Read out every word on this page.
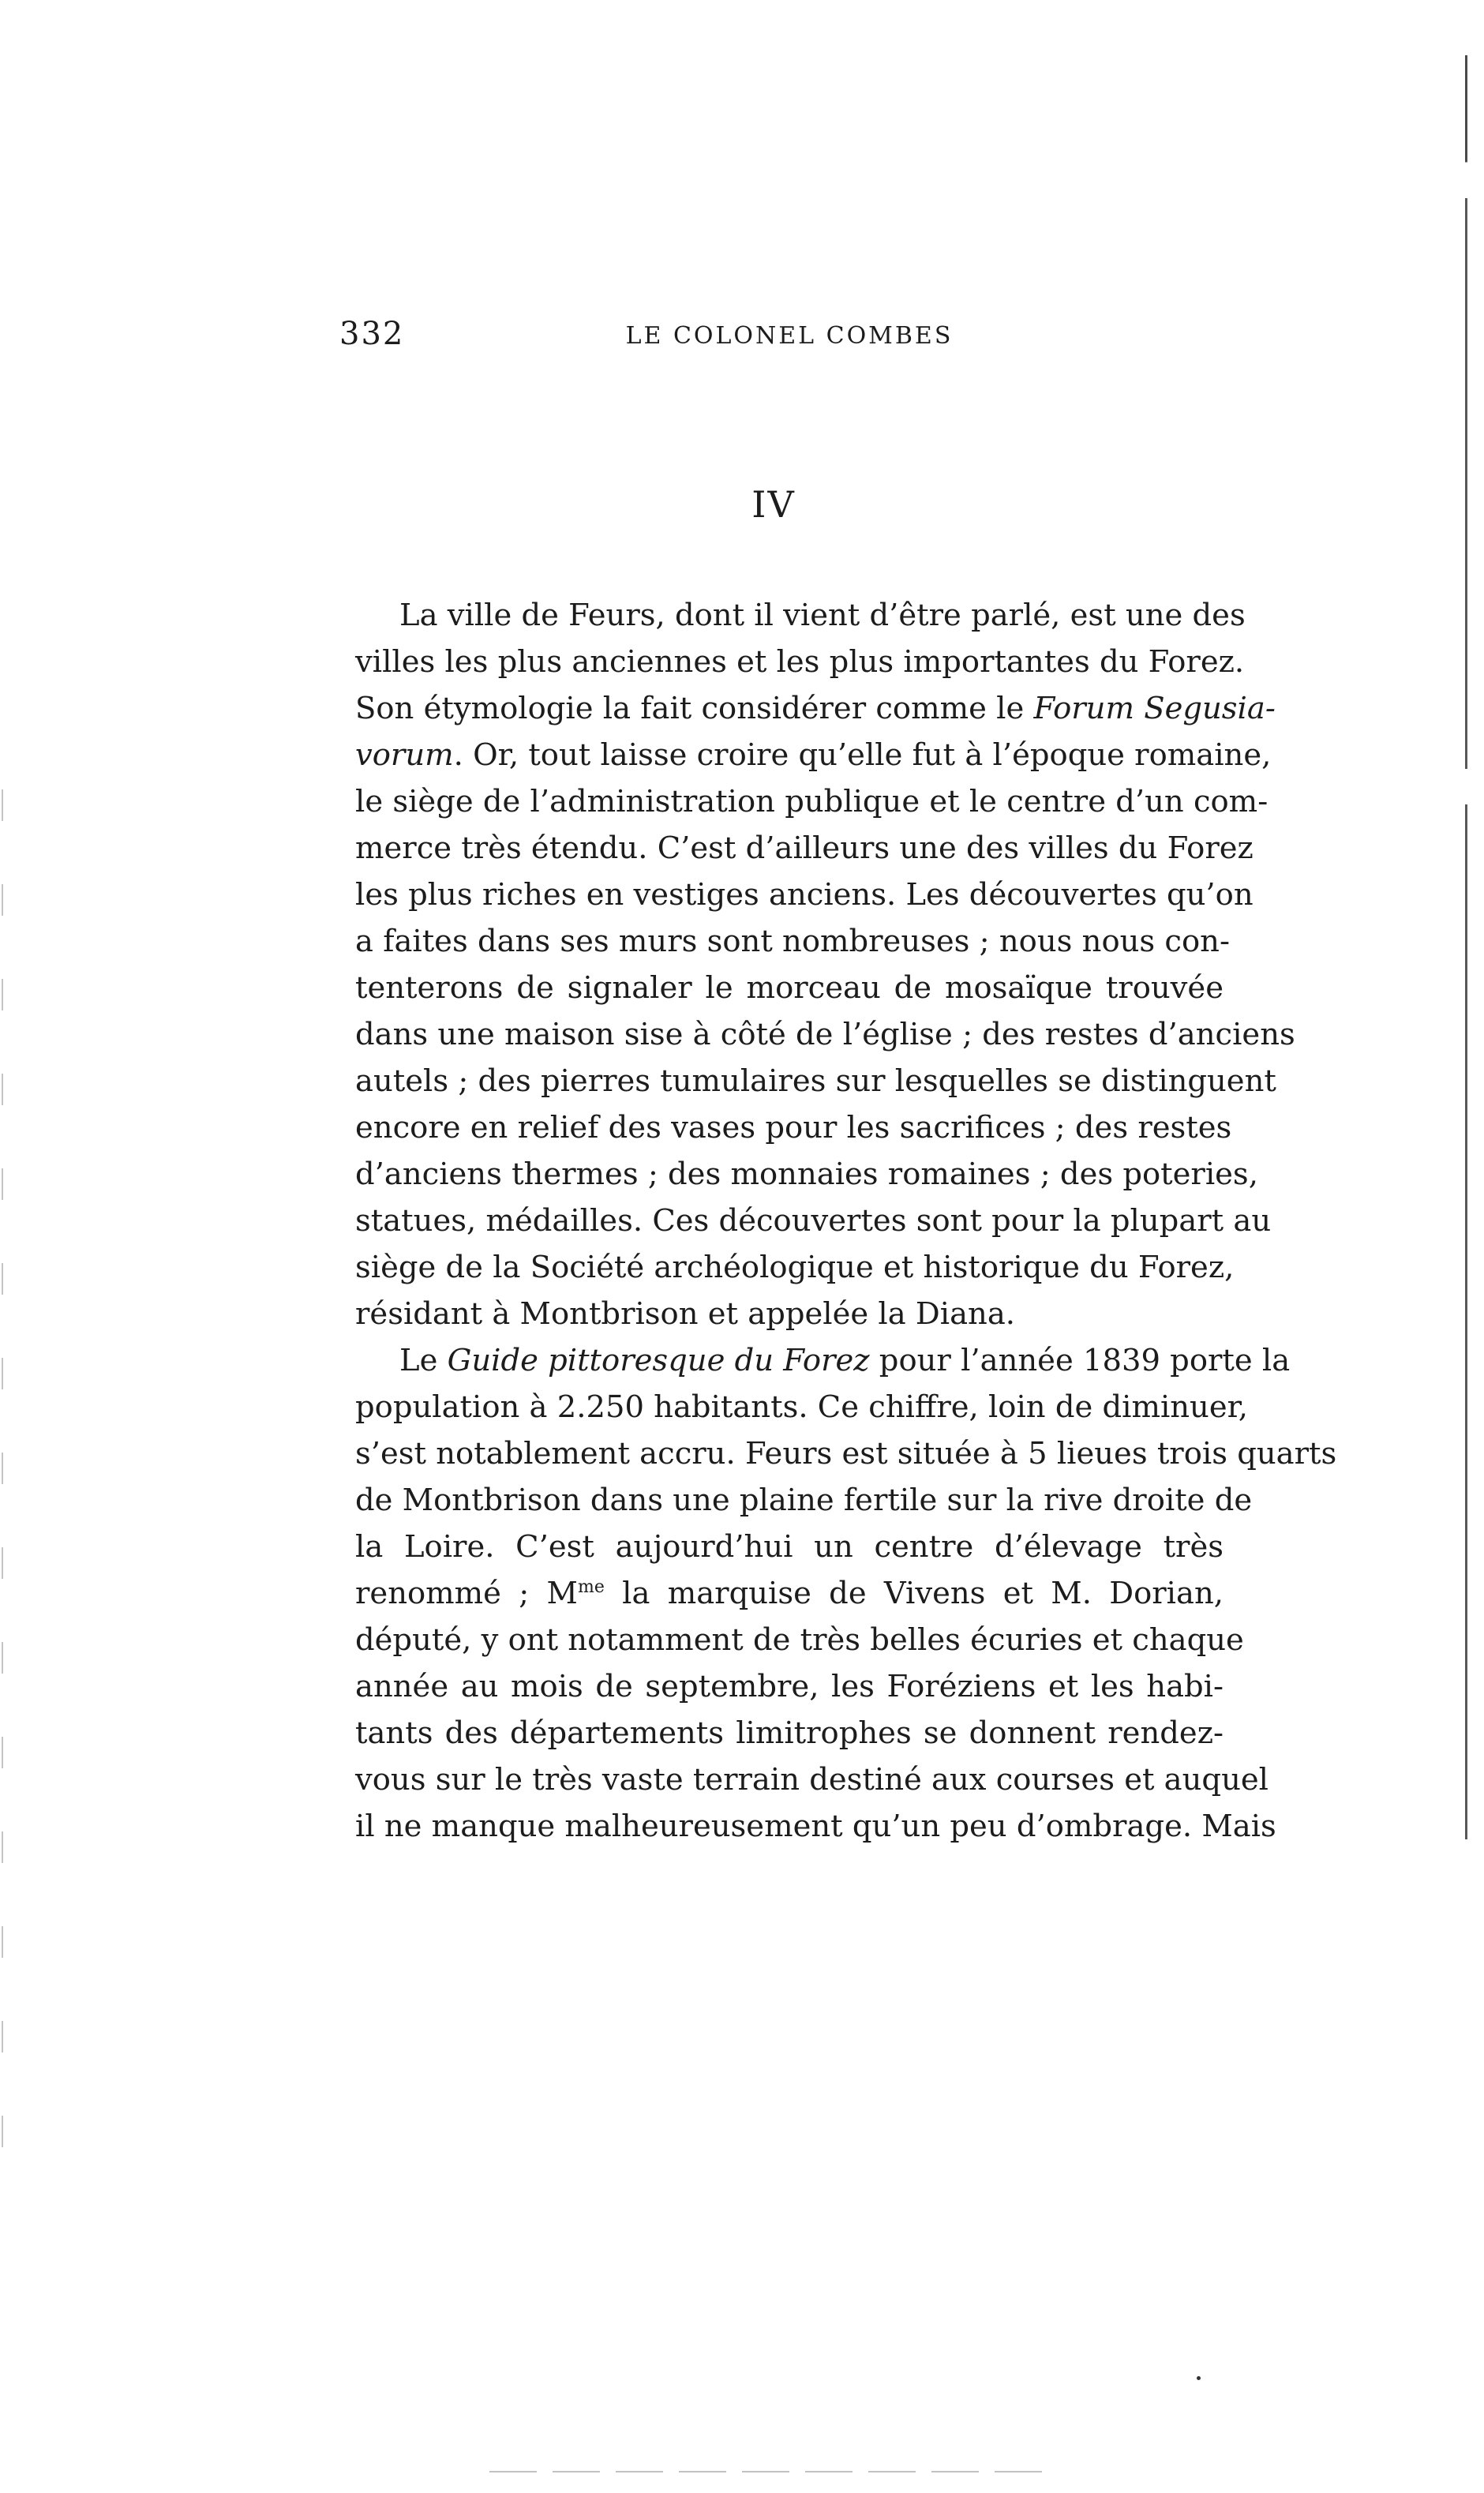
332	LE COLONEL COMBES
IV
La ville de Feurs, dont il vient d’être parlé, est une des
villes les plus anciennes et les plus importantes du Forez.
Son étymologie la fait considérer comme le Forum Segusia-
vorum. Or, tout laisse croire qu’elle fut à l’époque romaine,
le siège de l’administration publique et le centre d’un com-
merce très étendu. C’est d’ailleurs une des villes du Forez
les plus riches en vestiges anciens. Les découvertes qu’on
a faites dans ses murs sont nombreuses ; nous nous con-
tenterons de signaler le morceau de mosaïque trouvée
dans une maison sise à côté de l’église ; des restes d’anciens
autels ; des pierres tumulaires sur lesquelles se distinguent
encore en relief des vases pour les sacrifices ; des restes
d’anciens thermes ; des monnaies romaines ; des poteries,
statues, médailles. Ces découvertes sont pour la plupart au
siège de la Société archéologique et historique du Forez,
résidant à Montbrison et appelée la Diana.
Le Guide pittoresque du Forez pour l’année 1839 porte la
population à 2.250 habitants. Ce chiffre, loin de diminuer,
s’est notablement accru. Feurs est située à 5 lieues trois quarts
de Montbrison dans une plaine fertile sur la rive droite de
la Loire. C’est aujourd’hui un centre d’élevage très
renommé ; $M^{me}$ la marquise de Vivens et M. Dorian,
député, y ont notamment de très belles écuries et chaque
année au mois de septembre, les Foréziens et les habi-
tants des départements limitrophes se donnent rendez-
vous sur le très vaste terrain destiné aux courses et auquel
il ne manque malheureusement qu’un peu d’ombrage. Mais
